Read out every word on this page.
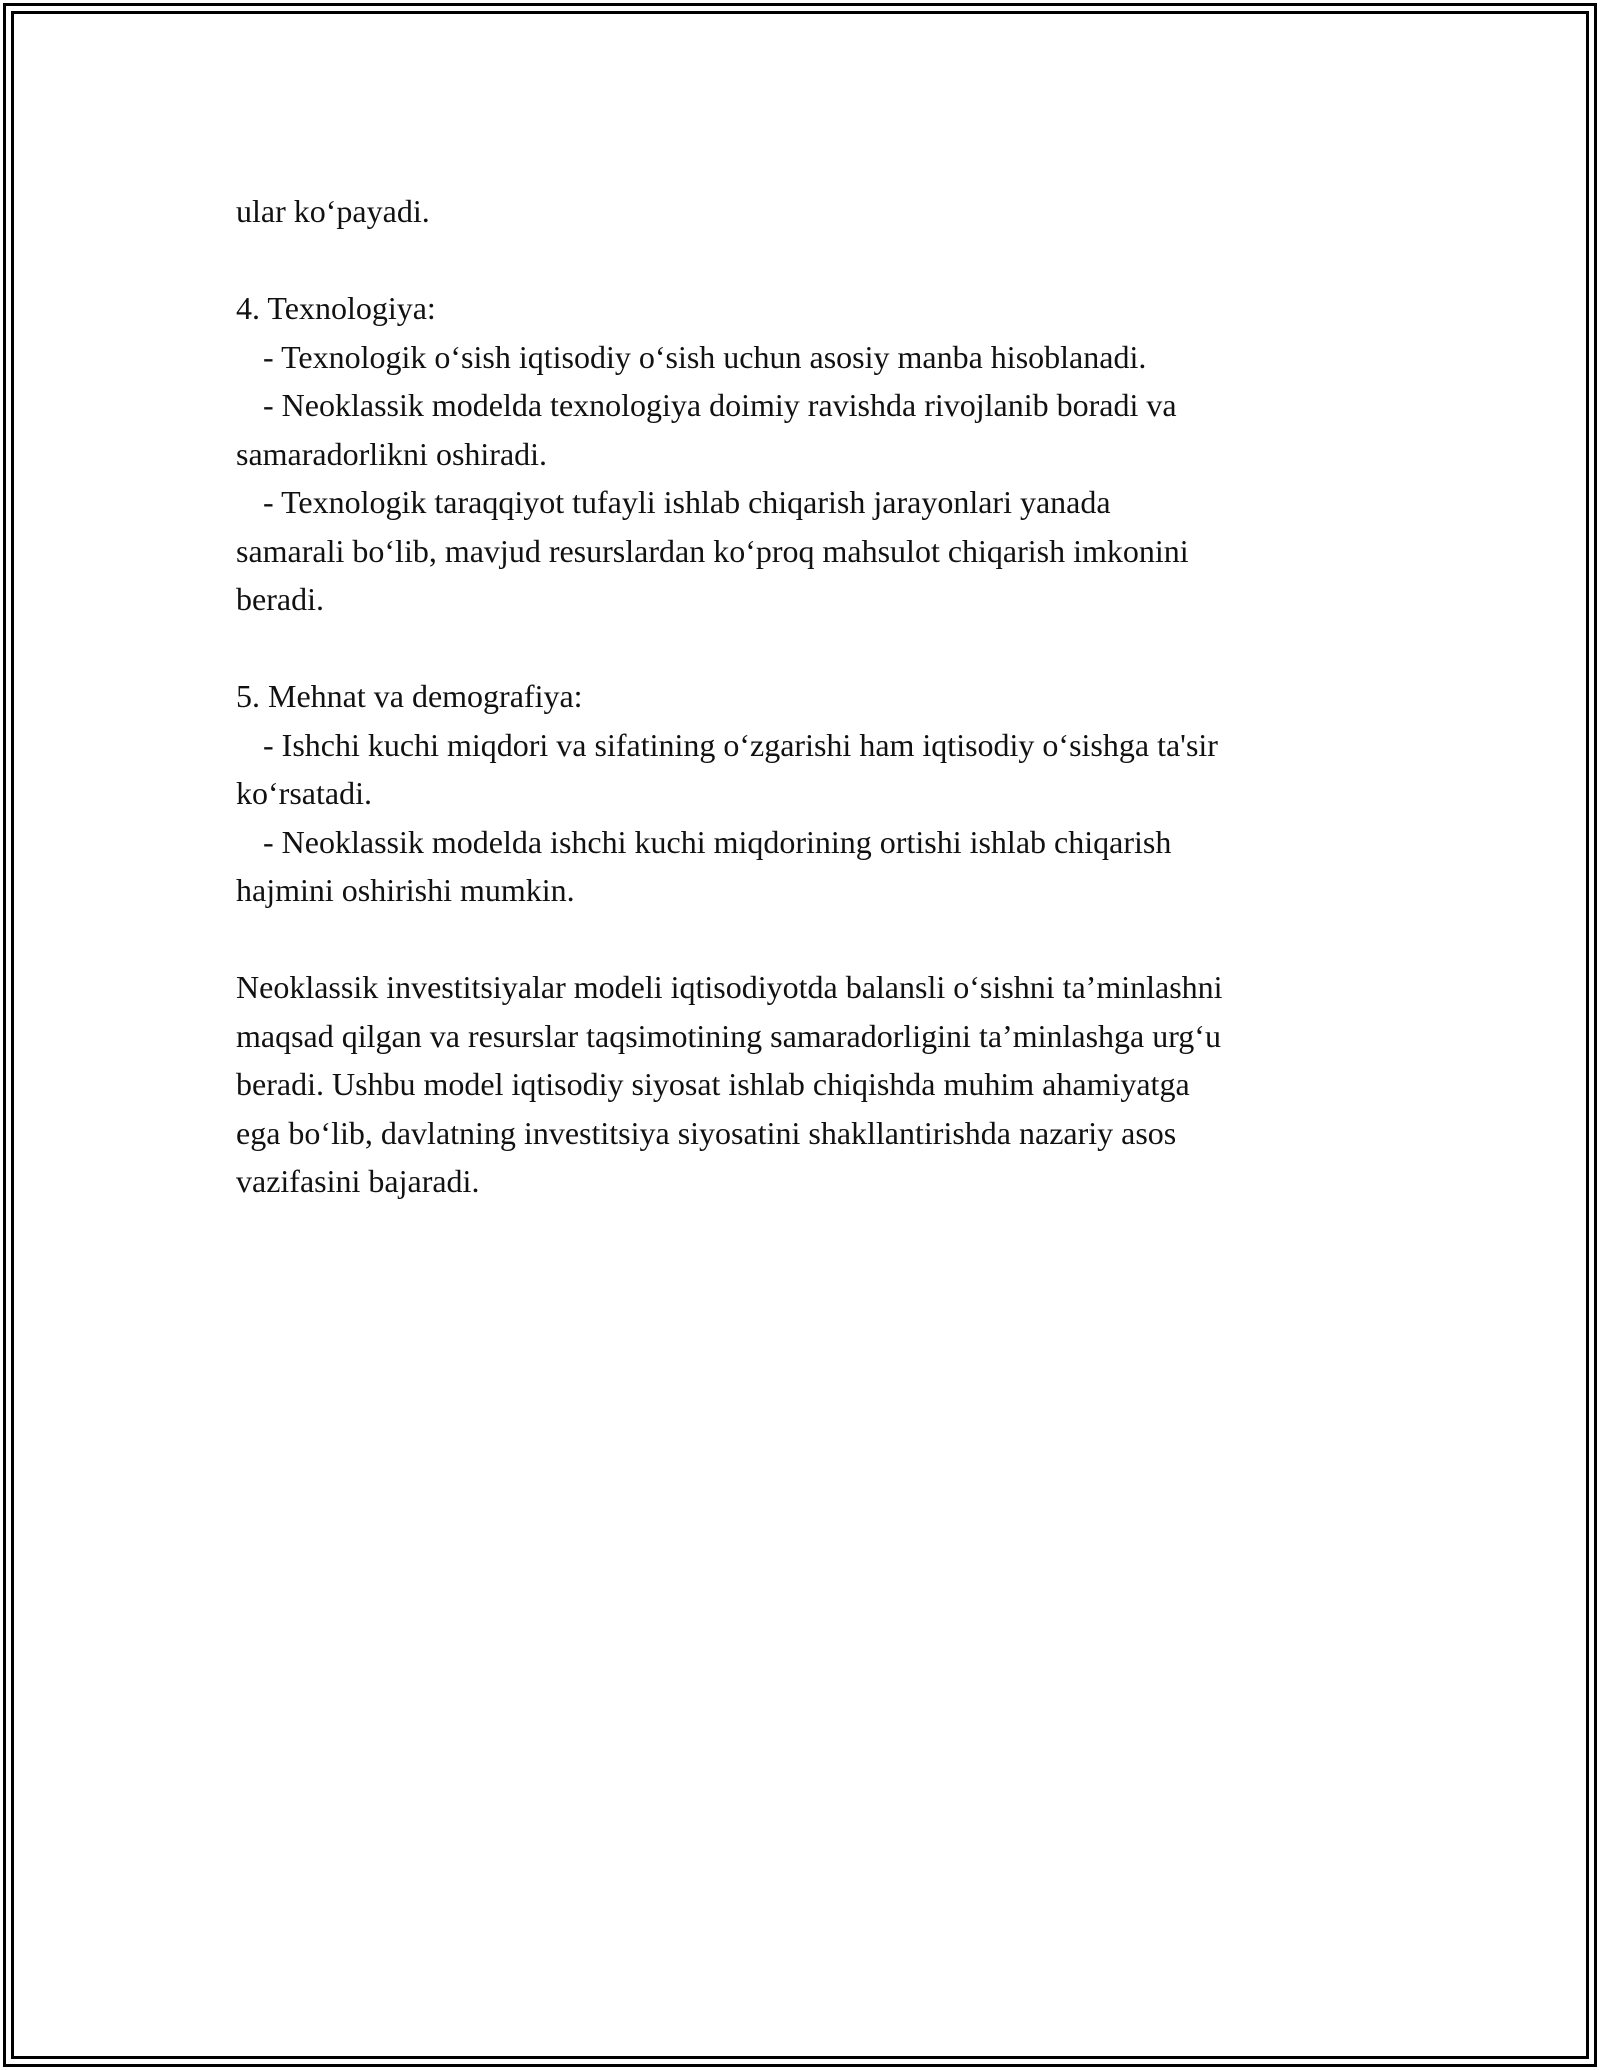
ular ko‘payadi.
4. Texnologiya:
- Texnologik o‘sish iqtisodiy o‘sish uchun asosiy manba hisoblanadi.
- Neoklassik modelda texnologiya doimiy ravishda rivojlanib boradi va
samaradorlikni oshiradi.
- Texnologik taraqqiyot tufayli ishlab chiqarish jarayonlari yanada
samarali bo‘lib, mavjud resurslardan ko‘proq mahsulot chiqarish imkonini
beradi.
5. Mehnat va demografiya:
- Ishchi kuchi miqdori va sifatining o‘zgarishi ham iqtisodiy o‘sishga ta'sir
ko‘rsatadi.
- Neoklassik modelda ishchi kuchi miqdorining ortishi ishlab chiqarish
hajmini oshirishi mumkin.
Neoklassik investitsiyalar modeli iqtisodiyotda balansli o‘sishni ta’minlashni
maqsad qilgan va resurslar taqsimotining samaradorligini ta’minlashga urg‘u
beradi. Ushbu model iqtisodiy siyosat ishlab chiqishda muhim ahamiyatga
ega bo‘lib, davlatning investitsiya siyosatini shakllantirishda nazariy asos
vazifasini bajaradi.
